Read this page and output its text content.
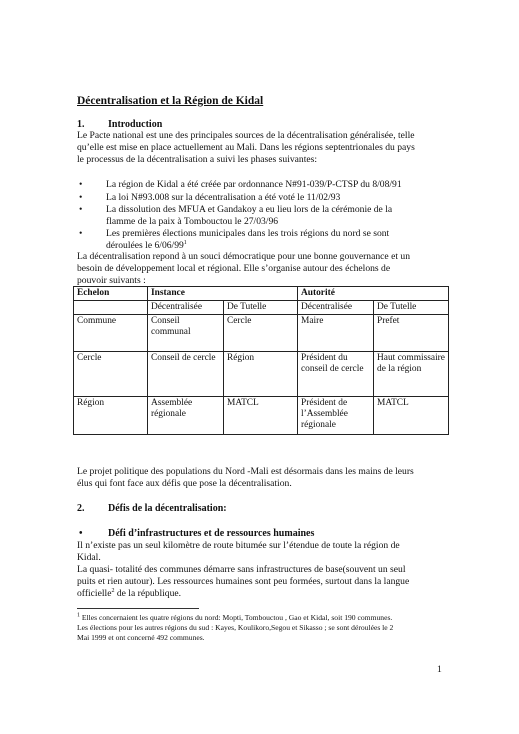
Décentralisation et la Région de Kidal
1. Introduction
Le Pacte national est une des principales sources de la décentralisation généralisée, telle
qu’elle est mise en place actuellement au Mali. Dans les régions septentrionales du pays
le processus de la décentralisation a suivi les phases suivantes:
• La région de Kidal a été créée par ordonnance N#91-039/P-CTSP du 8/08/91
• La loi N#93.008 sur la décentralisation a été voté le 11/02/93
• La dissolution des MFUA et Gandakoy a eu lieu lors de la cérémonie de la
flamme de la paix à Tombouctou le 27/03/96
• Les premières élections municipales dans les trois régions du nord se sont
déroulées le $6/06/99^1$
La décentralisation repond à un souci démocratique pour une bonne gouvernance et un
besoin de développement local et régional. Elle s’organise autour des échelons de
pouvoir suivants :
Echelon	Instance		Autorité	
	Décentralisée	De Tutelle	Décentralisée	De Tutelle
Commune	Conseil communal	Cercle	Maire	Prefet
Cercle	Conseil de cercle	Région	Président du conseil de cercle	Haut commissaire de la région
Région	Assemblée régionale	MATCL	Président de l’Assemblée régionale	MATCL
Le projet politique des populations du Nord -Mali est désormais dans les mains de leurs
élus qui font face aux défis que pose la décentralisation.
2. Défis de la décentralisation:
•	Défi d’infrastructures et de ressources humaines
Il n’existe pas un seul kilomètre de route bitumée sur l’étendue de toute la région de
Kidal.
La quasi- totalité des communes démarre sans infrastructures de base(souvent un seul
puits et rien autour). Les ressources humaines sont peu formées, surtout dans la langue
officielle$^2$ de la république.
$^1$ Elles concernaient les quatre régions du nord: Mopti, Tombouctou , Gao et Kidal, soit 190 communes.
Les élections pour les autres régions du sud : Kayes, Koulikoro,Segou et Sikasso ; se sont déroulées le 2
Mai 1999 et ont concerné 492 communes.
1
